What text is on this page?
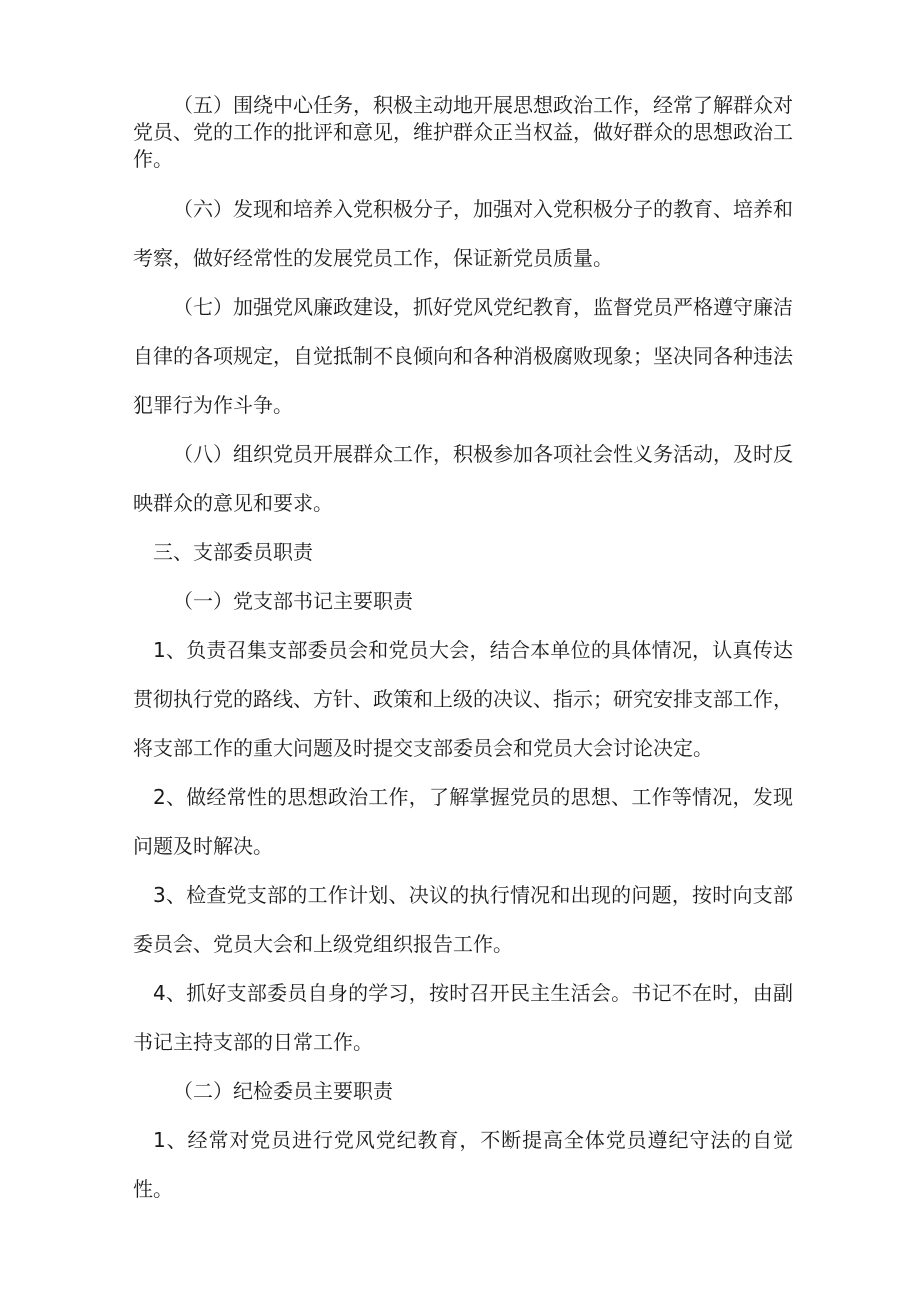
（五）围绕中心任务，积极主动地开展思想政治工作，经常了解群众对党员、党的工作的批评和意见，维护群众正当权益，做好群众的思想政治工作。

（六）发现和培养入党积极分子，加强对入党积极分子的教育、培养和考察，做好经常性的发展党员工作，保证新党员质量。

（七）加强党风廉政建设，抓好党风党纪教育，监督党员严格遵守廉洁自律的各项规定，自觉抵制不良倾向和各种消极腐败现象；坚决同各种违法犯罪行为作斗争。

（八）组织党员开展群众工作，积极参加各项社会性义务活动，及时反映群众的意见和要求。

三、支部委员职责

（一）党支部书记主要职责

1、负责召集支部委员会和党员大会，结合本单位的具体情况，认真传达贯彻执行党的路线、方针、政策和上级的决议、指示；研究安排支部工作，将支部工作的重大问题及时提交支部委员会和党员大会讨论决定。

2、做经常性的思想政治工作，了解掌握党员的思想、工作等情况，发现问题及时解决。

3、检查党支部的工作计划、决议的执行情况和出现的问题，按时向支部委员会、党员大会和上级党组织报告工作。

4、抓好支部委员自身的学习，按时召开民主生活会。书记不在时，由副书记主持支部的日常工作。

（二）纪检委员主要职责

1、经常对党员进行党风党纪教育，不断提高全体党员遵纪守法的自觉性。
